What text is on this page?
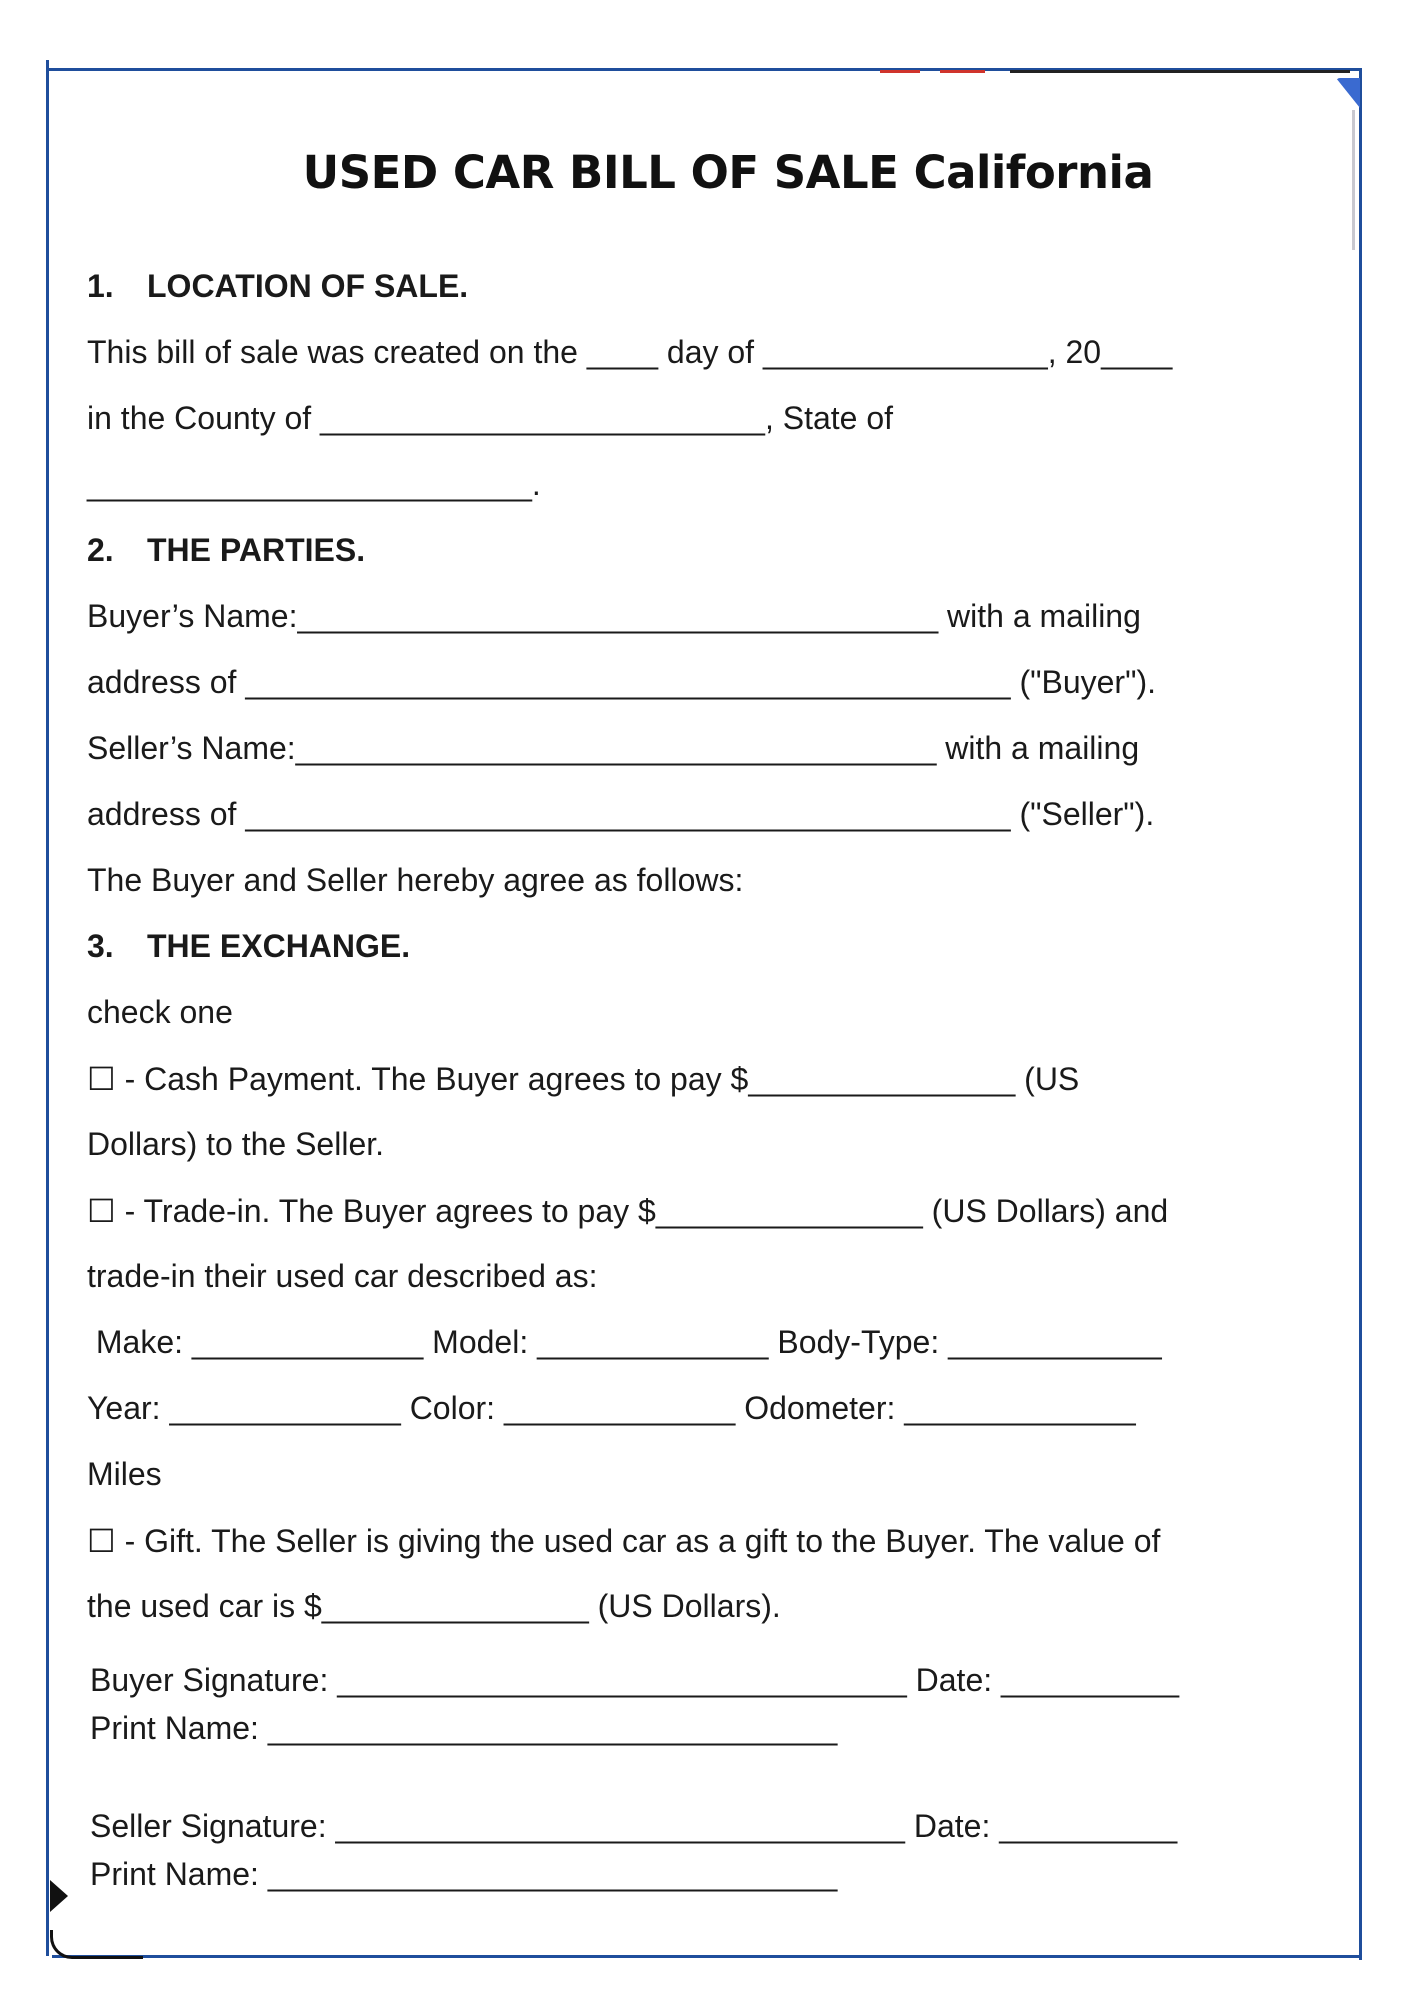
USED CAR BILL OF SALE California
1. LOCATION OF SALE.
This bill of sale was created on the ____ day of ________________, 20____
in the County of _________________________, State of
_________________________.
2. THE PARTIES.
Buyer’s Name:____________________________________ with a mailing
address of ___________________________________________ ("Buyer").
Seller’s Name:____________________________________ with a mailing
address of ___________________________________________ ("Seller").
The Buyer and Seller hereby agree as follows:
3. THE EXCHANGE.
check one
☐ - Cash Payment. The Buyer agrees to pay $_______________ (US
Dollars) to the Seller.
☐ - Trade-in. The Buyer agrees to pay $_______________ (US Dollars) and
trade-in their used car described as:
Make: _____________ Model: _____________ Body-Type: ____________
Year: _____________ Color: _____________ Odometer: _____________
Miles
☐ - Gift. The Seller is giving the used car as a gift to the Buyer. The value of
the used car is $_______________ (US Dollars).
Buyer Signature: ________________________________ Date: __________
Print Name: ________________________________
Seller Signature: ________________________________ Date: __________
Print Name: ________________________________
